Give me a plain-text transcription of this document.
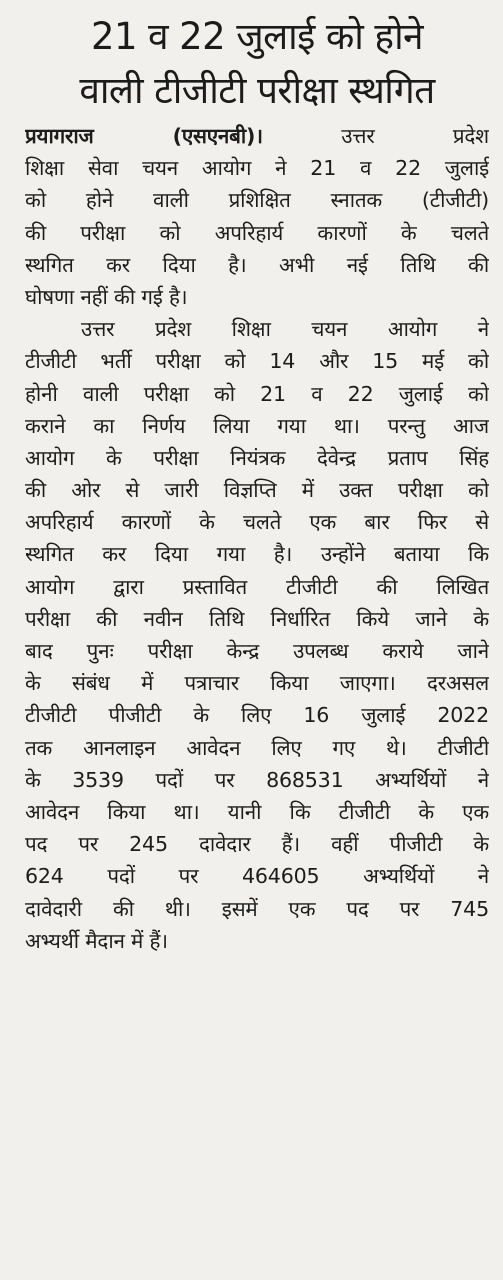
21 व 22 जुलाई को होने
वाली टीजीटी परीक्षा स्थगित
प्रयागराज (एसएनबी)।	उत्तर प्रदेश
शिक्षा सेवा चयन आयोग ने 21 व 22 जुलाई
को होने वाली प्रशिक्षित स्नातक (टीजीटी)
की परीक्षा को अपरिहार्य कारणों के चलते
स्थगित कर दिया है। अभी नई तिथि की
घोषणा नहीं की गई है।
उत्तर प्रदेश शिक्षा चयन आयोग ने
टीजीटी भर्ती परीक्षा को 14 और 15 मई को
होनी वाली परीक्षा को 21 व 22 जुलाई को
कराने का निर्णय लिया गया था। परन्तु आज
आयोग के परीक्षा नियंत्रक देवेन्द्र प्रताप सिंह
की ओर से जारी विज्ञप्ति में उक्त परीक्षा को
अपरिहार्य कारणों के चलते एक बार फिर से
स्थगित कर दिया गया है। उन्होंने बताया कि
आयोग द्वारा प्रस्तावित टीजीटी की लिखित
परीक्षा की नवीन तिथि निर्धारित किये जाने के
बाद पुनः परीक्षा केन्द्र उपलब्ध कराये जाने
के संबंध में पत्राचार किया जाएगा। दरअसल
टीजीटी पीजीटी के लिए 16 जुलाई 2022
तक आनलाइन आवेदन लिए गए थे। टीजीटी
के 3539 पदों पर 868531 अभ्यर्थियों ने
आवेदन किया था। यानी कि टीजीटी के एक
पद पर 245 दावेदार हैं। वहीं पीजीटी के
624 पदों पर 464605 अभ्यर्थियों ने
दावेदारी की थी। इसमें एक पद पर 745
अभ्यर्थी मैदान में हैं।
